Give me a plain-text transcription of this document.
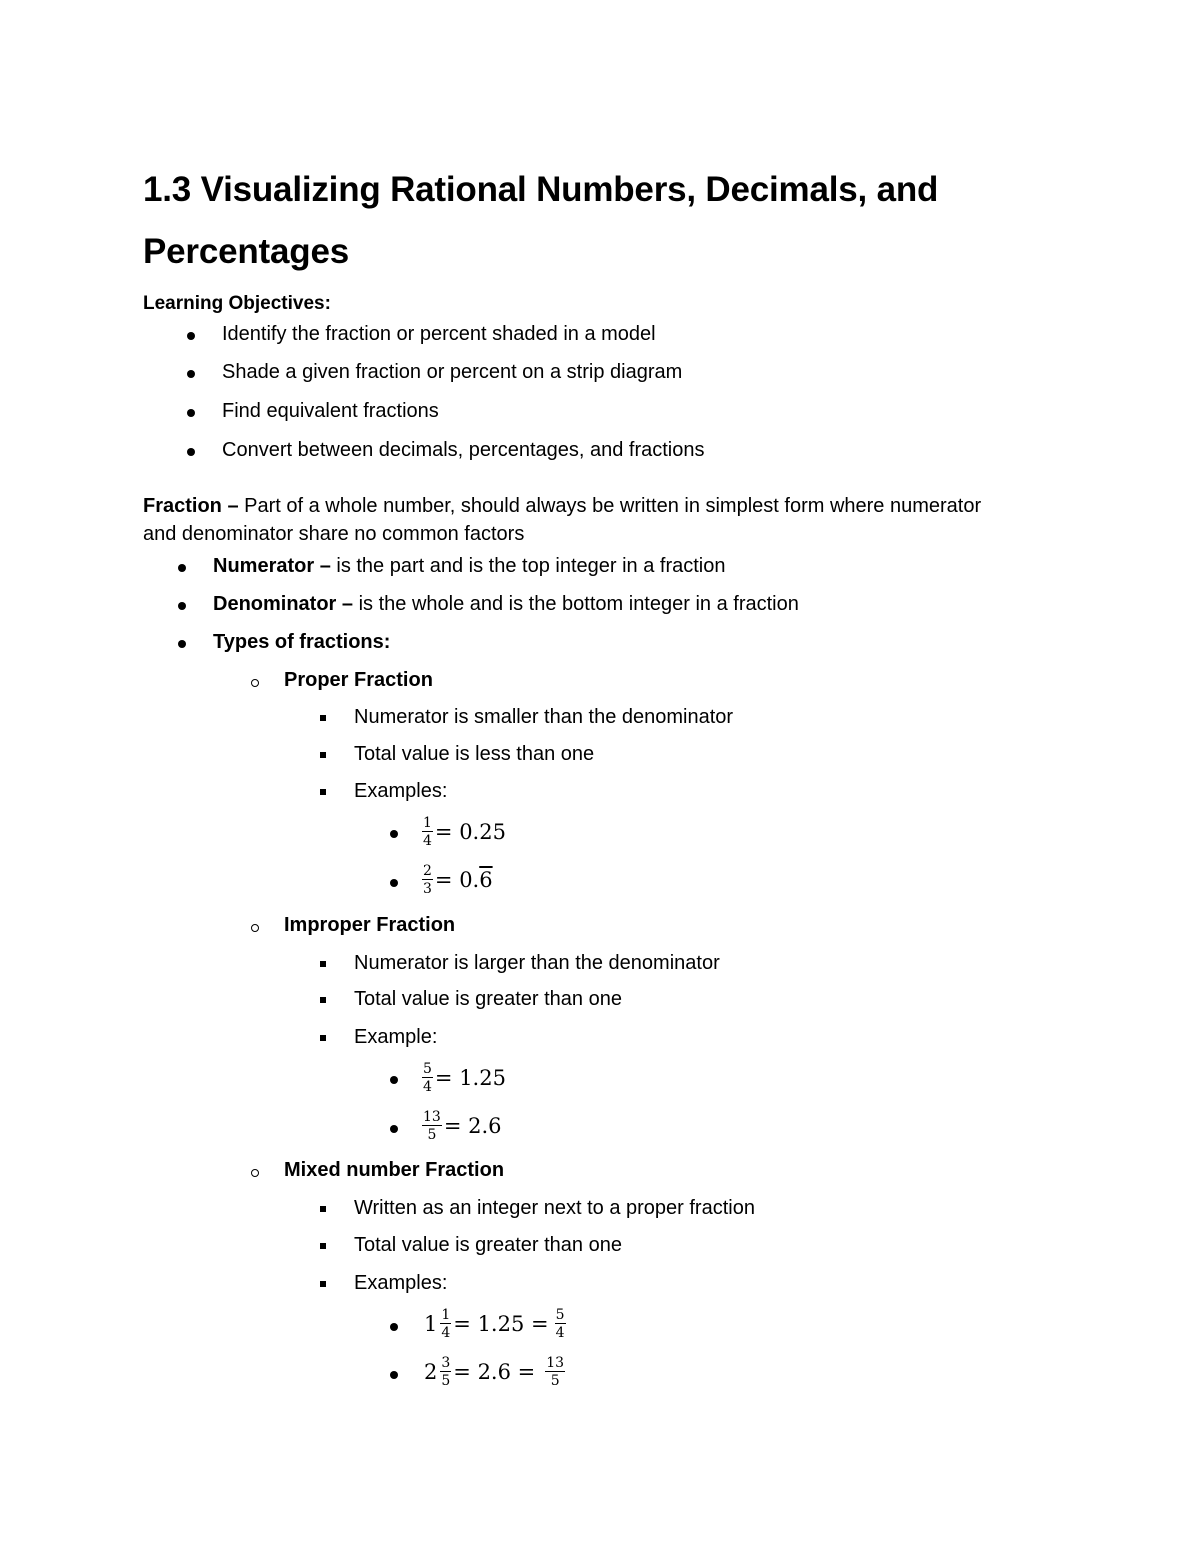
1.3 Visualizing Rational Numbers, Decimals, and
Percentages
Learning Objectives:
Identify the fraction or percent shaded in a model
Shade a given fraction or percent on a strip diagram
Find equivalent fractions
Convert between decimals, percentages, and fractions
Fraction – Part of a whole number, should always be written in simplest form where numerator
and denominator share no common factors
Numerator – is the part and is the top integer in a fraction
Denominator – is the whole and is the bottom integer in a fraction
Types of fractions:
Proper Fraction
Numerator is smaller than the denominator
Total value is less than one
Examples:
$\frac{1}{4} = 0.25$
$\frac{2}{3} = 0.6$
Improper Fraction
Numerator is larger than the denominator
Total value is greater than one
Example:
$\frac{5}{4} = 1.25$
$\frac{13}{5} = 2.6$
Mixed number Fraction
Written as an integer next to a proper fraction
Total value is greater than one
Examples:
$1 \frac{1}{4} = 1.25 = \frac{5}{4}$
$2 \frac{3}{5} = 2.6 = \frac{13}{5}$
